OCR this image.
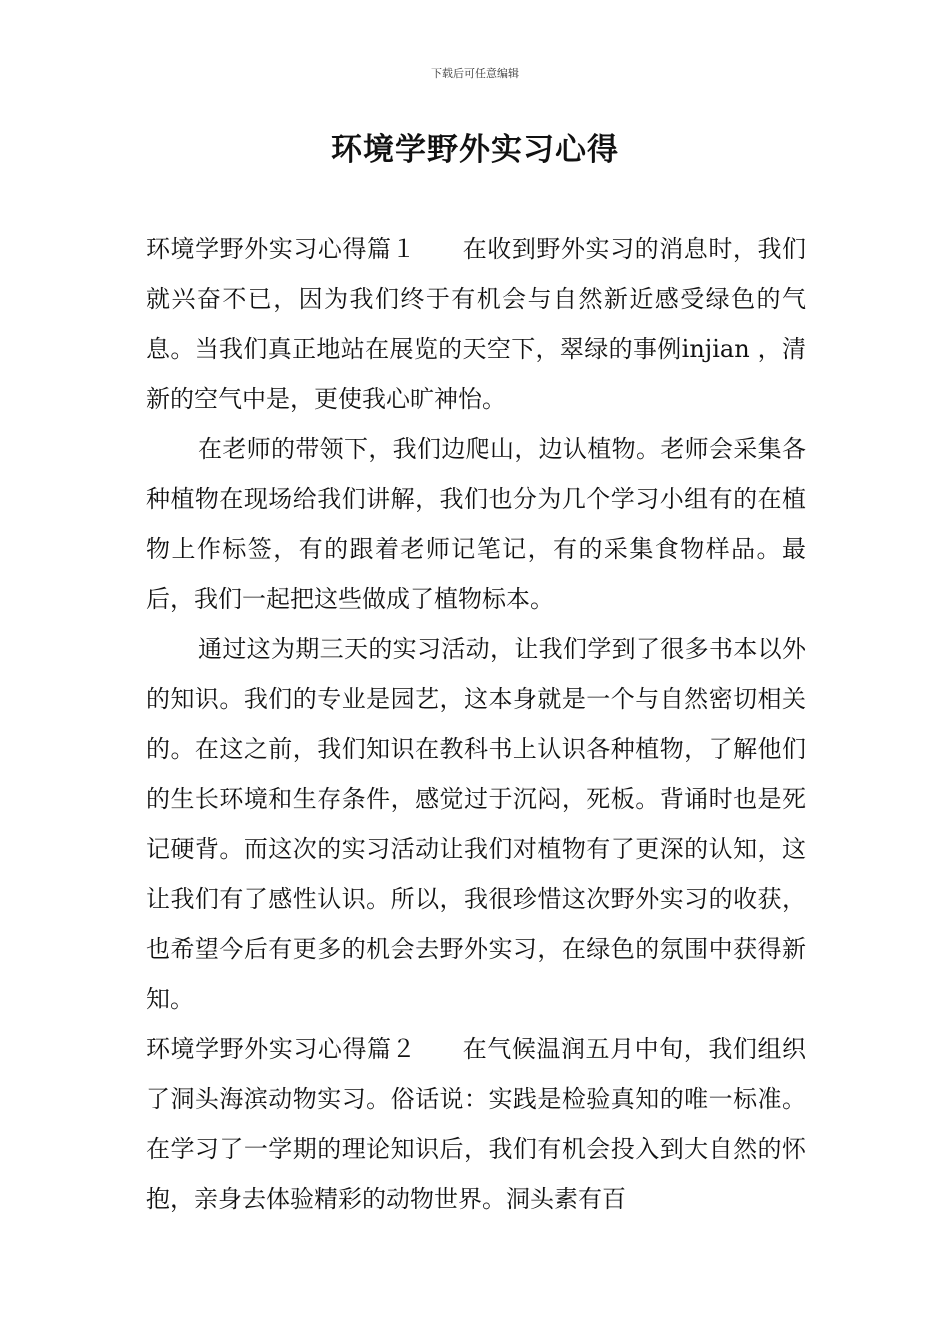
下载后可任意编辑
环境学野外实习心得

环境学野外实习心得篇１ 在收到野外实习的消息时，我们就兴奋不已，因为我们终于有机会与自然新近感受绿色的气息。当我们真正地站在展览的天空下，翠绿的事例injian ，清新的空气中是，更使我心旷神怡。

在老师的带领下，我们边爬山，边认植物。老师会采集各种植物在现场给我们讲解，我们也分为几个学习小组有的在植物上作标签，有的跟着老师记笔记，有的采集食物样品。最后，我们一起把这些做成了植物标本。

通过这为期三天的实习活动，让我们学到了很多书本以外的知识。我们的专业是园艺，这本身就是一个与自然密切相关的。在这之前，我们知识在教科书上认识各种植物，了解他们的生长环境和生存条件，感觉过于沉闷，死板。背诵时也是死记硬背。而这次的实习活动让我们对植物有了更深的认知，这让我们有了感性认识。所以，我很珍惜这次野外实习的收获，也希望今后有更多的机会去野外实习，在绿色的氛围中获得新知。

环境学野外实习心得篇２ 在气候温润五月中旬，我们组织了洞头海滨动物实习。俗话说：实践是检验真知的唯一标准。在学习了一学期的理论知识后，我们有机会投入到大自然的怀抱，亲身去体验精彩的动物世界。洞头素有百
